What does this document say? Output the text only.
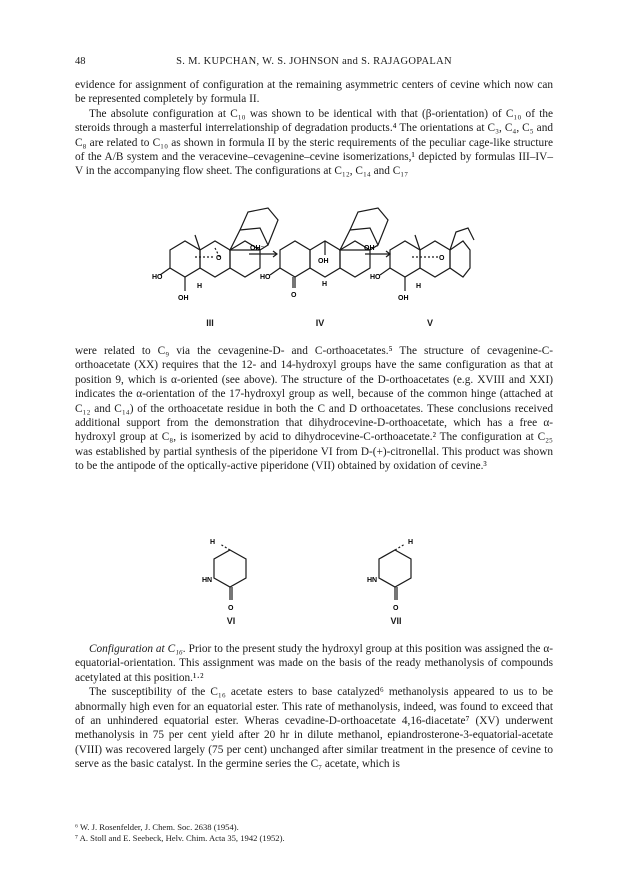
48	S. M. KUPCHAN, W. S. JOHNSON and S. RAJAGOPALAN

evidence for assignment of configuration at the remaining asymmetric centers of cevine which now can be represented completely by formula II.

The absolute configuration at C₁₀ was shown to be identical with that (β-orientation) of C₁₀ of the steroids through a masterful interrelationship of degradation products.⁴ The orientations at C₃, C₄, C₅ and C₈ are related to C₁₀ as shown in formula II by the steric requirements of the peculiar cage-like structure of the A/B system and the veracevine–cevagenine–cevine isomerizations,¹ depicted by formulas III–IV–V in the accompanying flow sheet. The configurations at C₁₂, C₁₄ and C₁₇

HO
OH
H
O
OH⁻
HO
O
OH
H
OH⁻
HO
OH
H
O
III	IV	V

were related to C₉ via the cevagenine-D- and C-orthoacetates.⁵ The structure of cevagenine-C-orthoacetate (XX) requires that the 12- and 14-hydroxyl groups have the same configuration as that at position 9, which is α-oriented (see above). The structure of the D-orthoacetates (e.g. XVIII and XXI) indicates the α-orientation of the 17-hydroxyl group as well, because of the common hinge (attached at C₁₂ and C₁₄) of the orthoacetate residue in both the C and D orthoacetates. These conclusions received additional support from the demonstration that dihydrocevine-D-orthoacetate, which has a free α-hydroxyl group at C₈, is isomerized by acid to dihydrocevine-C-orthoacetate.² The configuration at C₂₅ was established by partial synthesis of the piperidone VI from D-(+)-citronellal. This product was shown to be the antipode of the optically-active piperidone (VII) obtained by oxidation of cevine.³

H
HN
O
H
HN
O
VI	VII

Configuration at C₁₆. Prior to the present study the hydroxyl group at this position was assigned the α-equatorial-orientation. This assignment was made on the basis of the ready methanolysis of compounds acetylated at this position.¹·²

The susceptibility of the C₁₆ acetate esters to base catalyzed⁶ methanolysis appeared to us to be abnormally high even for an equatorial ester. This rate of methanolysis, indeed, was found to exceed that of an unhindered equatorial ester. Wheras cevadine-D-orthoacetate 4,16-diacetate⁷ (XV) underwent methanolysis in 75 per cent yield after 20 hr in dilute methanol, epiandrosterone-3-equatorial-acetate (VIII) was recovered largely (75 per cent) unchanged after similar treatment in the presence of cevine to serve as the basic catalyst. In the germine series the C₇ acetate, which is

⁶ W. J. Rosenfelder, J. Chem. Soc. 2638 (1954).

⁷ A. Stoll and E. Seebeck, Helv. Chim. Acta 35, 1942 (1952).
